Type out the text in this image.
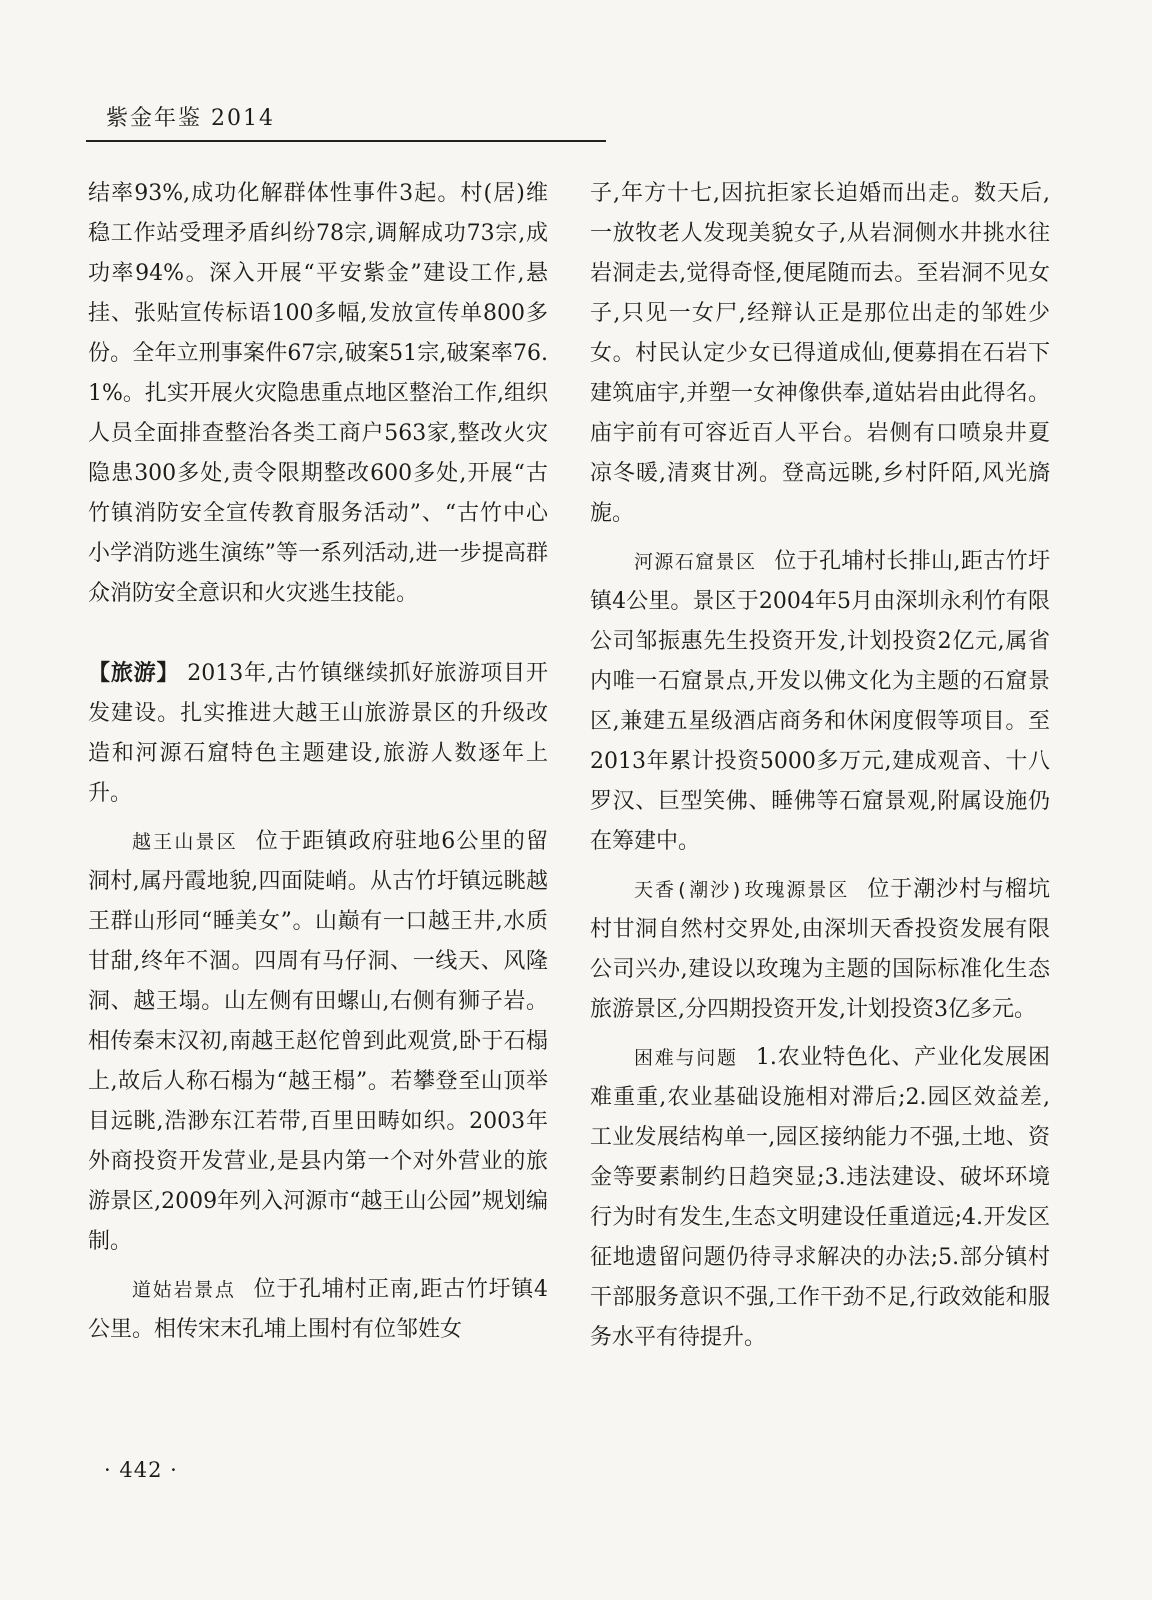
紫金年鉴 2014

结率93%,成功化解群体性事件3起。村(居)维稳工作站受理矛盾纠纷78宗,调解成功73宗,成功率94%。深入开展“平安紫金”建设工作,悬挂、张贴宣传标语100多幅,发放宣传单800多份。全年立刑事案件67宗,破案51宗,破案率76.1%。扎实开展火灾隐患重点地区整治工作,组织人员全面排查整治各类工商户563家,整改火灾隐患300多处,责令限期整改600多处,开展“古竹镇消防安全宣传教育服务活动”、“古竹中心小学消防逃生演练”等一系列活动,进一步提高群众消防安全意识和火灾逃生技能。

【旅游】 2013年,古竹镇继续抓好旅游项目开发建设。扎实推进大越王山旅游景区的升级改造和河源石窟特色主题建设,旅游人数逐年上升。

越王山景区 位于距镇政府驻地6公里的留洞村,属丹霞地貌,四面陡峭。从古竹圩镇远眺越王群山形同“睡美女”。山巅有一口越王井,水质甘甜,终年不涸。四周有马仔洞、一线天、风隆洞、越王塌。山左侧有田螺山,右侧有狮子岩。相传秦末汉初,南越王赵佗曾到此观赏,卧于石榻上,故后人称石榻为“越王榻”。若攀登至山顶举目远眺,浩渺东江若带,百里田畴如织。2003年外商投资开发营业,是县内第一个对外营业的旅游景区,2009年列入河源市“越王山公园”规划编制。

道姑岩景点 位于孔埔村正南,距古竹圩镇4公里。相传宋末孔埔上围村有位邹姓女

子,年方十七,因抗拒家长迫婚而出走。数天后,一放牧老人发现美貌女子,从岩洞侧水井挑水往岩洞走去,觉得奇怪,便尾随而去。至岩洞不见女子,只见一女尸,经辩认正是那位出走的邹姓少女。村民认定少女已得道成仙,便募捐在石岩下建筑庙宇,并塑一女神像供奉,道姑岩由此得名。庙宇前有可容近百人平台。岩侧有口喷泉井夏凉冬暖,清爽甘冽。登高远眺,乡村阡陌,风光旖旎。

河源石窟景区 位于孔埔村长排山,距古竹圩镇4公里。景区于2004年5月由深圳永利竹有限公司邹振惠先生投资开发,计划投资2亿元,属省内唯一石窟景点,开发以佛文化为主题的石窟景区,兼建五星级酒店商务和休闲度假等项目。至2013年累计投资5000多万元,建成观音、十八罗汉、巨型笑佛、睡佛等石窟景观,附属设施仍在筹建中。

天香(潮沙)玫瑰源景区 位于潮沙村与榴坑村甘洞自然村交界处,由深圳天香投资发展有限公司兴办,建设以玫瑰为主题的国际标准化生态旅游景区,分四期投资开发,计划投资3亿多元。

困难与问题 1.农业特色化、产业化发展困难重重,农业基础设施相对滞后;2.园区效益差,工业发展结构单一,园区接纳能力不强,土地、资金等要素制约日趋突显;3.违法建设、破坏环境行为时有发生,生态文明建设任重道远;4.开发区征地遗留问题仍待寻求解决的办法;5.部分镇村干部服务意识不强,工作干劲不足,行政效能和服务水平有待提升。

· 442 ·
